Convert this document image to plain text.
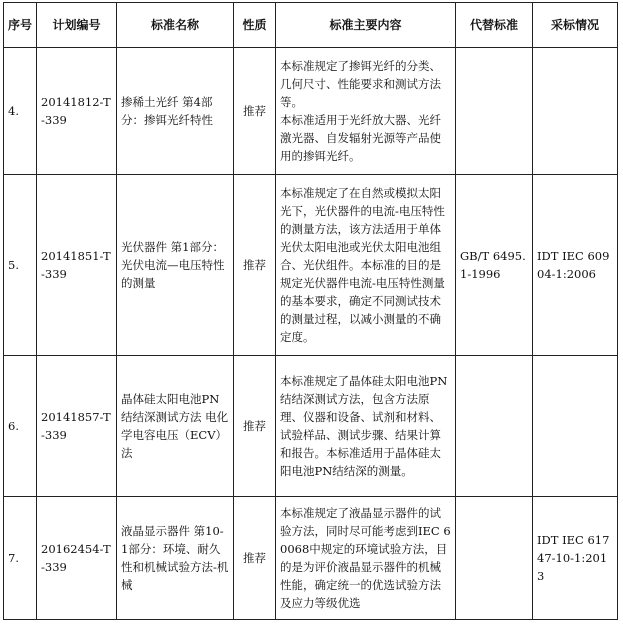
序号	计划编号	标准名称	性质	标准主要内容	代替标准	采标情况
4.	20141812-T-339	掺稀土光纤 第4部分：掺铒光纤特性	推荐	本标准规定了掺铒光纤的分类、几何尺寸、性能要求和测试方法等。
本标准适用于光纤放大器、光纤激光器、自发辐射光源等产品使用的掺铒光纤。		

5.	20141851-T-339	光伏器件 第1部分：光伏电流—电压特性的测量	推荐	本标准规定了在自然或模拟太阳光下，光伏器件的电流-电压特性的测量方法，该方法适用于单体光伏太阳电池或光伏太阳电池组合、光伏组件。本标准的目的是规定光伏器件电流-电压特性测量的基本要求，确定不同测试技术的测量过程，以减小测量的不确定度。	GB/T 6495.1-1996	IDT IEC 60904-1:2006
6.	20141857-T-339	晶体硅太阳电池PN结结深测试方法 电化学电容电压（ECV）法	推荐	本标准规定了晶体硅太阳电池PN结结深测试方法，包含方法原理、仪器和设备、试剂和材料、试验样品、测试步骤、结果计算和报告。本标准适用于晶体硅太阳电池PN结结深的测量。		

7.	20162454-T-339	液晶显示器件 第10-1部分：环境、耐久性和机械试验方法-机械	推荐	本标准规定了液晶显示器件的试验方法，同时尽可能考虑到IEC 60068中规定的环境试验方法，目的是为评价液晶显示器件的机械性能，确定统一的优选试验方法及应力等级优选		IDT IEC 61747-10-1:2013
